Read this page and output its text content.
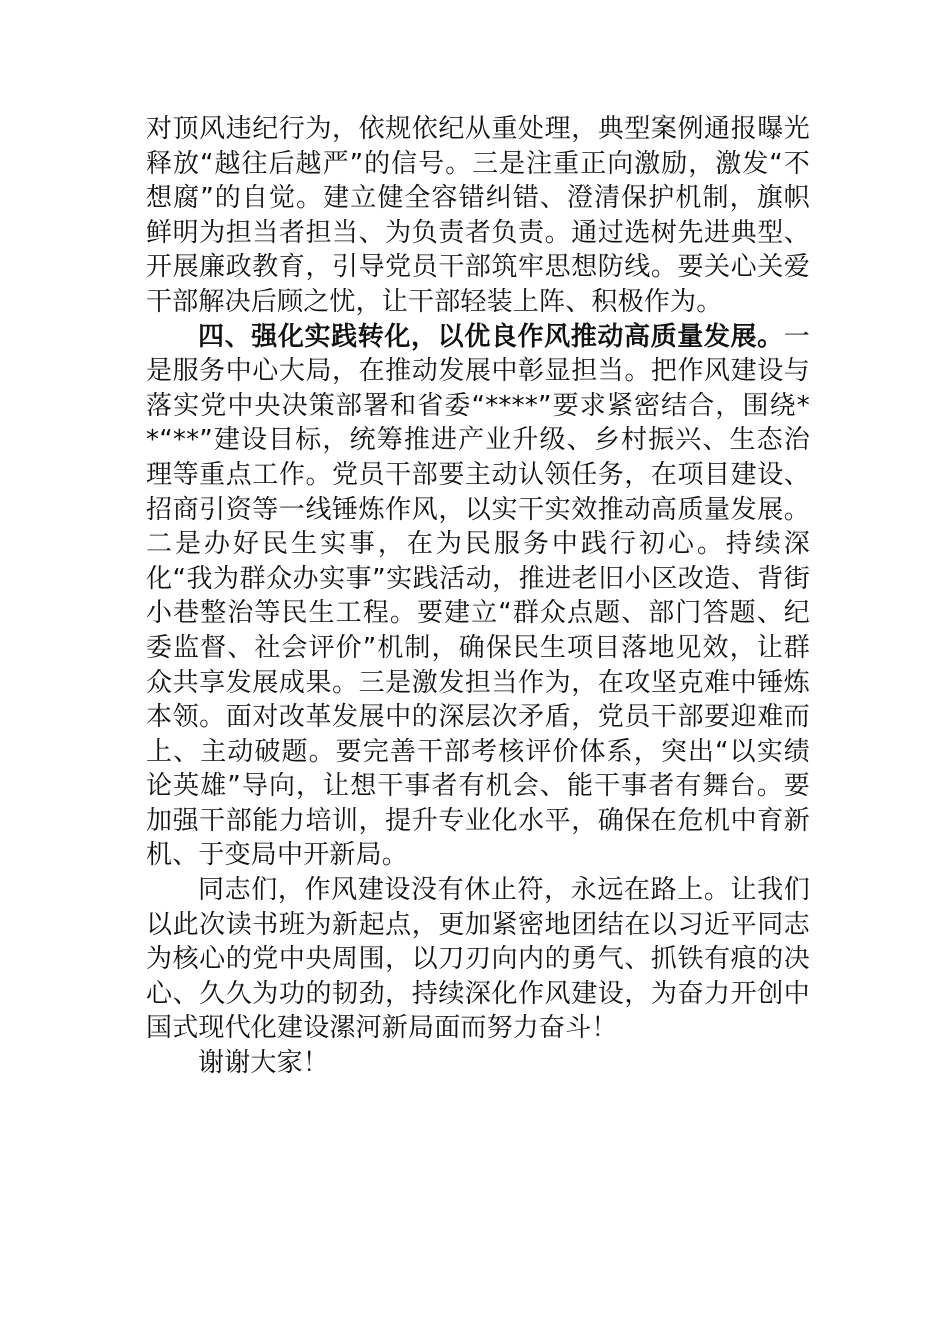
对顶风违纪行为，依规依纪从重处理，典型案例通报曝光释放“越往后越严”的信号。三是注重正向激励，激发“不想腐”的自觉。建立健全容错纠错、澄清保护机制，旗帜鲜明为担当者担当、为负责者负责。通过选树先进典型、开展廉政教育，引导党员干部筑牢思想防线。要关心关爱干部解决后顾之忧，让干部轻装上阵、积极作为。

四、强化实践转化，以优良作风推动高质量发展。一是服务中心大局，在推动发展中彰显担当。把作风建设与落实党中央决策部署和省委“****”要求紧密结合，围绕**“**”建设目标，统筹推进产业升级、乡村振兴、生态治理等重点工作。党员干部要主动认领任务，在项目建设、招商引资等一线锤炼作风，以实干实效推动高质量发展。二是办好民生实事，在为民服务中践行初心。持续深化“我为群众办实事”实践活动，推进老旧小区改造、背街小巷整治等民生工程。要建立“群众点题、部门答题、纪委监督、社会评价”机制，确保民生项目落地见效，让群众共享发展成果。三是激发担当作为，在攻坚克难中锤炼本领。面对改革发展中的深层次矛盾，党员干部要迎难而上、主动破题。要完善干部考核评价体系，突出“以实绩论英雄”导向，让想干事者有机会、能干事者有舞台。要加强干部能力培训，提升专业化水平，确保在危机中育新机、于变局中开新局。

同志们，作风建设没有休止符，永远在路上。让我们以此次读书班为新起点，更加紧密地团结在以习近平同志为核心的党中央周围，以刀刃向内的勇气、抓铁有痕的决心、久久为功的韧劲，持续深化作风建设，为奋力开创中国式现代化建设漯河新局面而努力奋斗！

谢谢大家！
